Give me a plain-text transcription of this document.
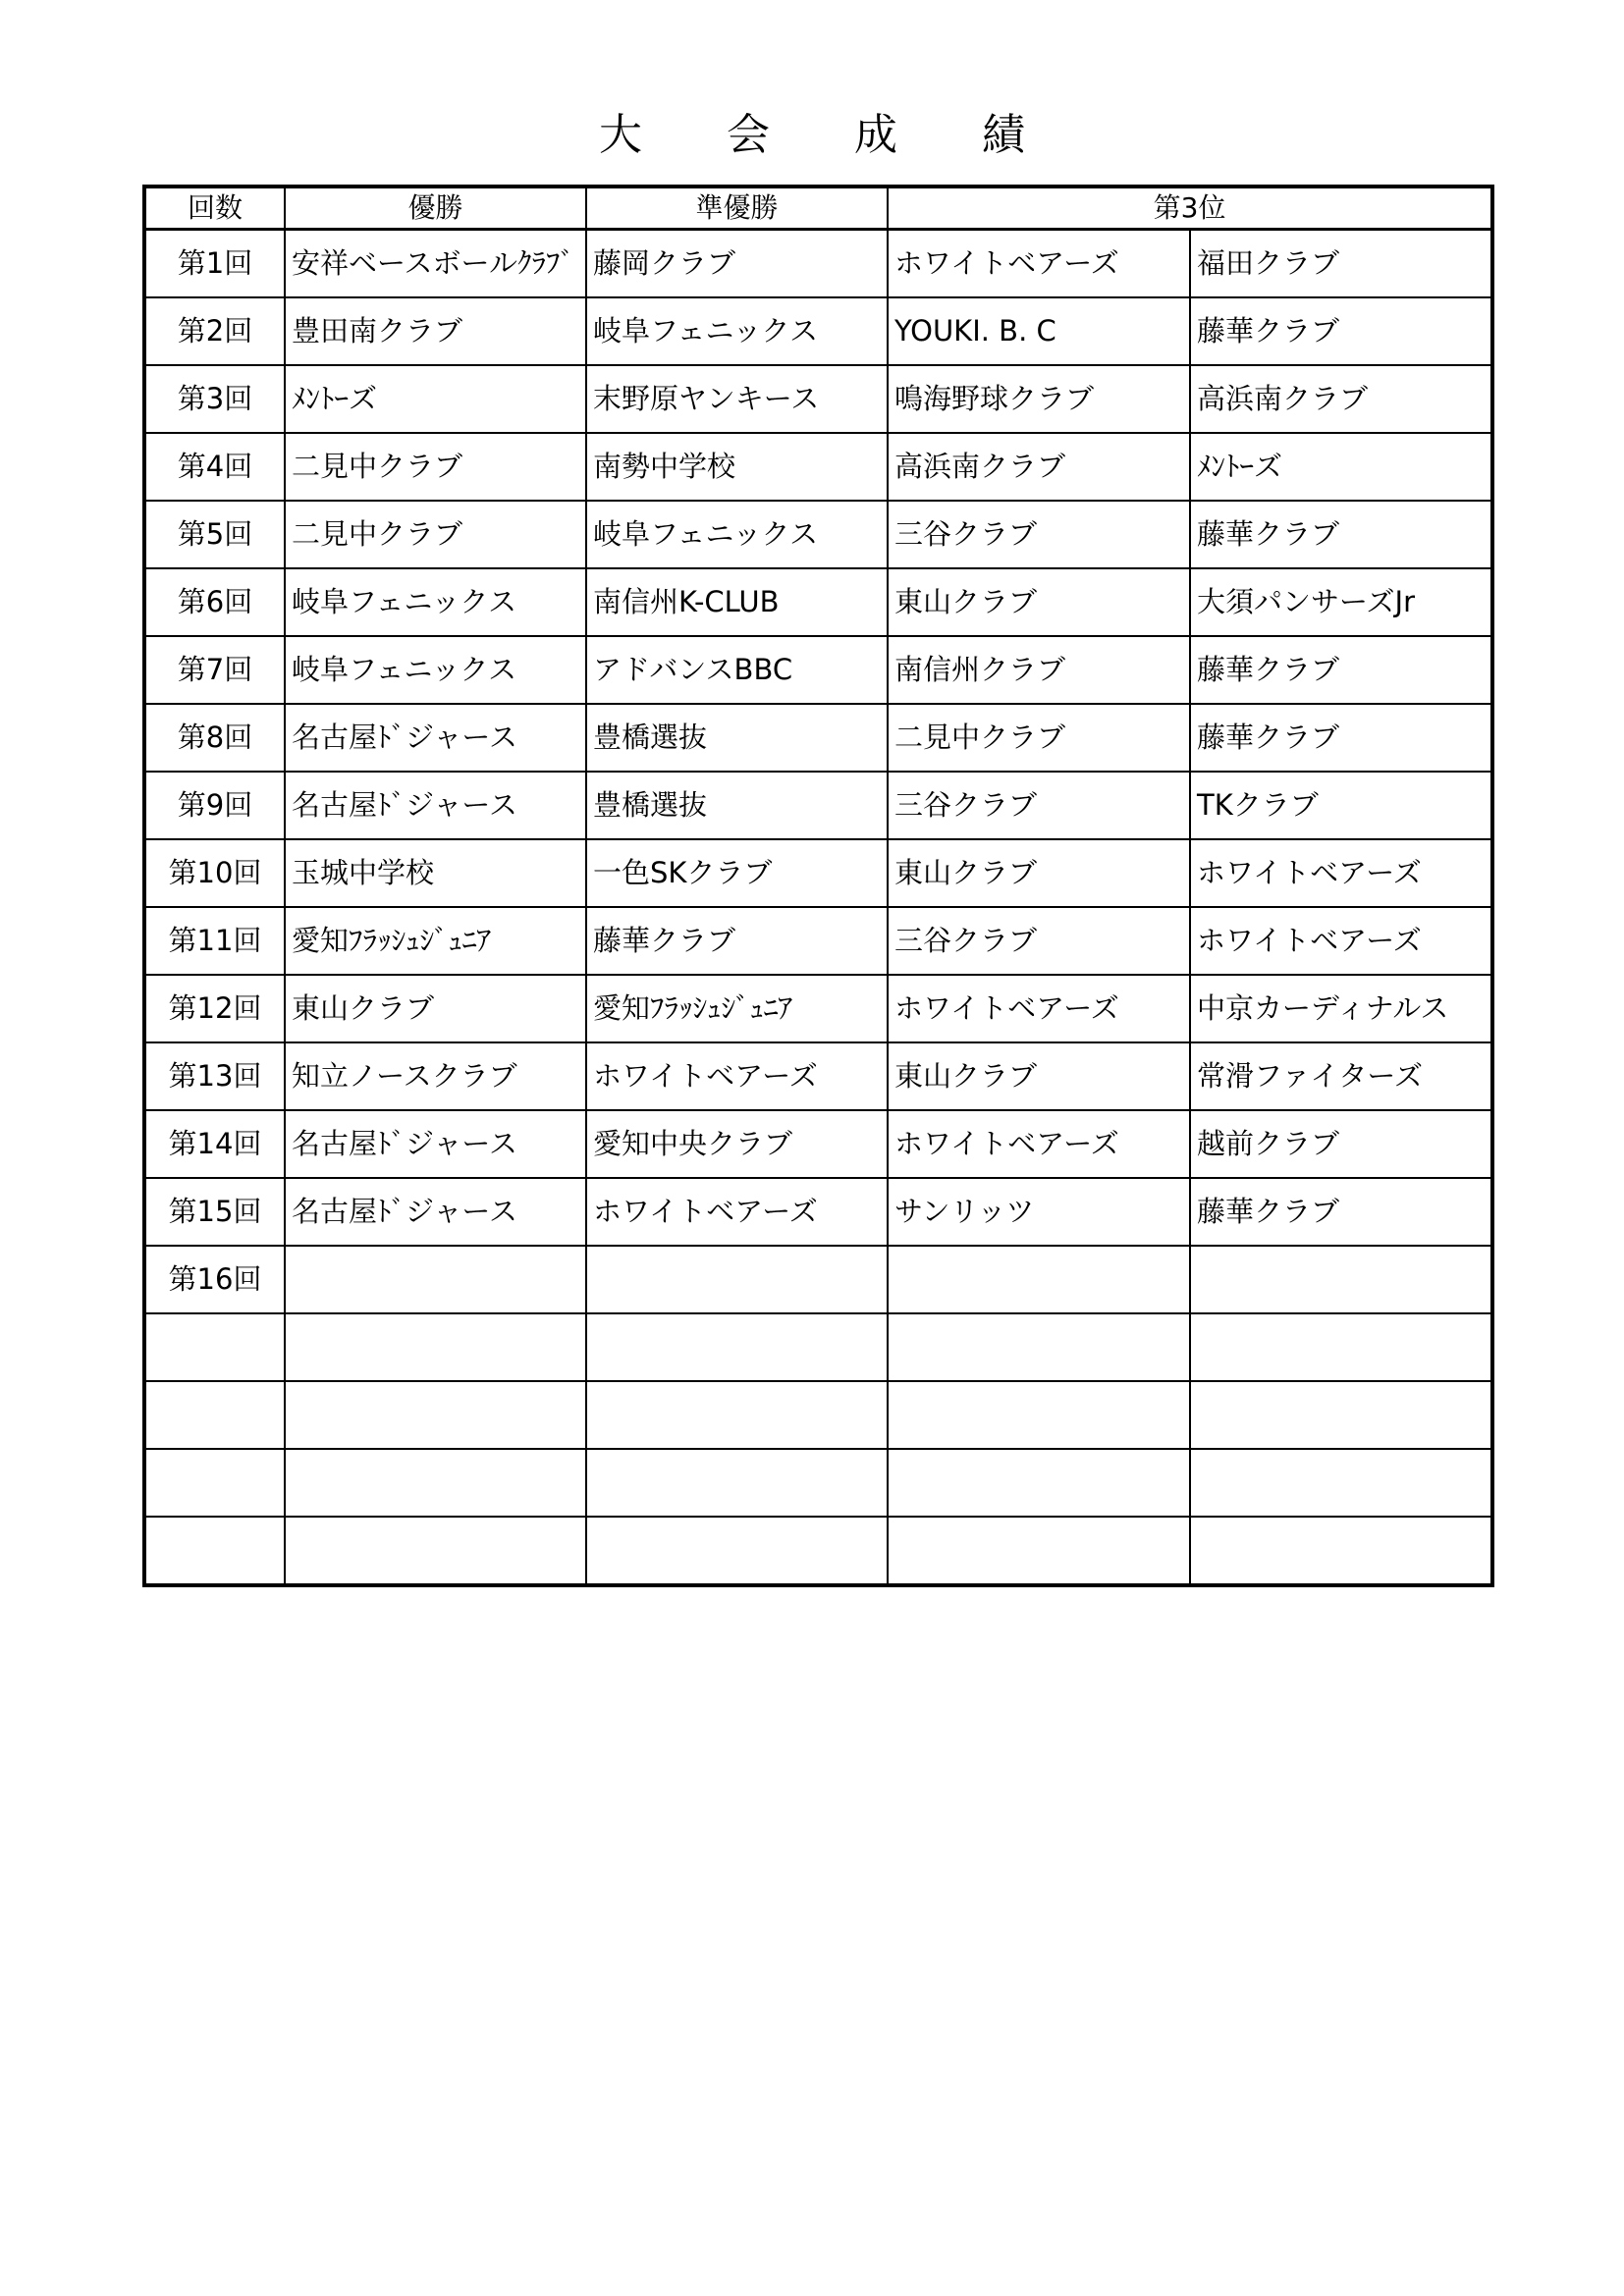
大 会 成 績
回数	優勝	準優勝	第3位	
第1回	安祥ベースボールｸﾗﾌﾞ	藤岡クラブ	ホワイトベアーズ	福田クラブ
第2回	豊田南クラブ	岐阜フェニックス	YOUKI. B. C	藤華クラブ
第3回	ﾒﾝﾄｰズ	末野原ヤンキース	鳴海野球クラブ	高浜南クラブ
第4回	二見中クラブ	南勢中学校	高浜南クラブ	ﾒﾝﾄｰズ
第5回	二見中クラブ	岐阜フェニックス	三谷クラブ	藤華クラブ
第6回	岐阜フェニックス	南信州K-CLUB	東山クラブ	大須パンサーズJr
第7回	岐阜フェニックス	アドバンスBBC	南信州クラブ	藤華クラブ
第8回	名古屋ﾄﾞジャース	豊橋選抜	二見中クラブ	藤華クラブ
第9回	名古屋ﾄﾞジャース	豊橋選抜	三谷クラブ	TKクラブ
第10回	玉城中学校	一色SKクラブ	東山クラブ	ホワイトベアーズ
第11回	愛知ﾌﾗｯｼｭｼﾞｭﾆｱ	藤華クラブ	三谷クラブ	ホワイトベアーズ
第12回	東山クラブ	愛知ﾌﾗｯｼｭｼﾞｭﾆｱ	ホワイトベアーズ	中京カーディナルス
第13回	知立ノースクラブ	ホワイトベアーズ	東山クラブ	常滑ファイターズ
第14回	名古屋ﾄﾞジャース	愛知中央クラブ	ホワイトベアーズ	越前クラブ
第15回	名古屋ﾄﾞジャース	ホワイトベアーズ	サンリッツ	藤華クラブ
第16回				
